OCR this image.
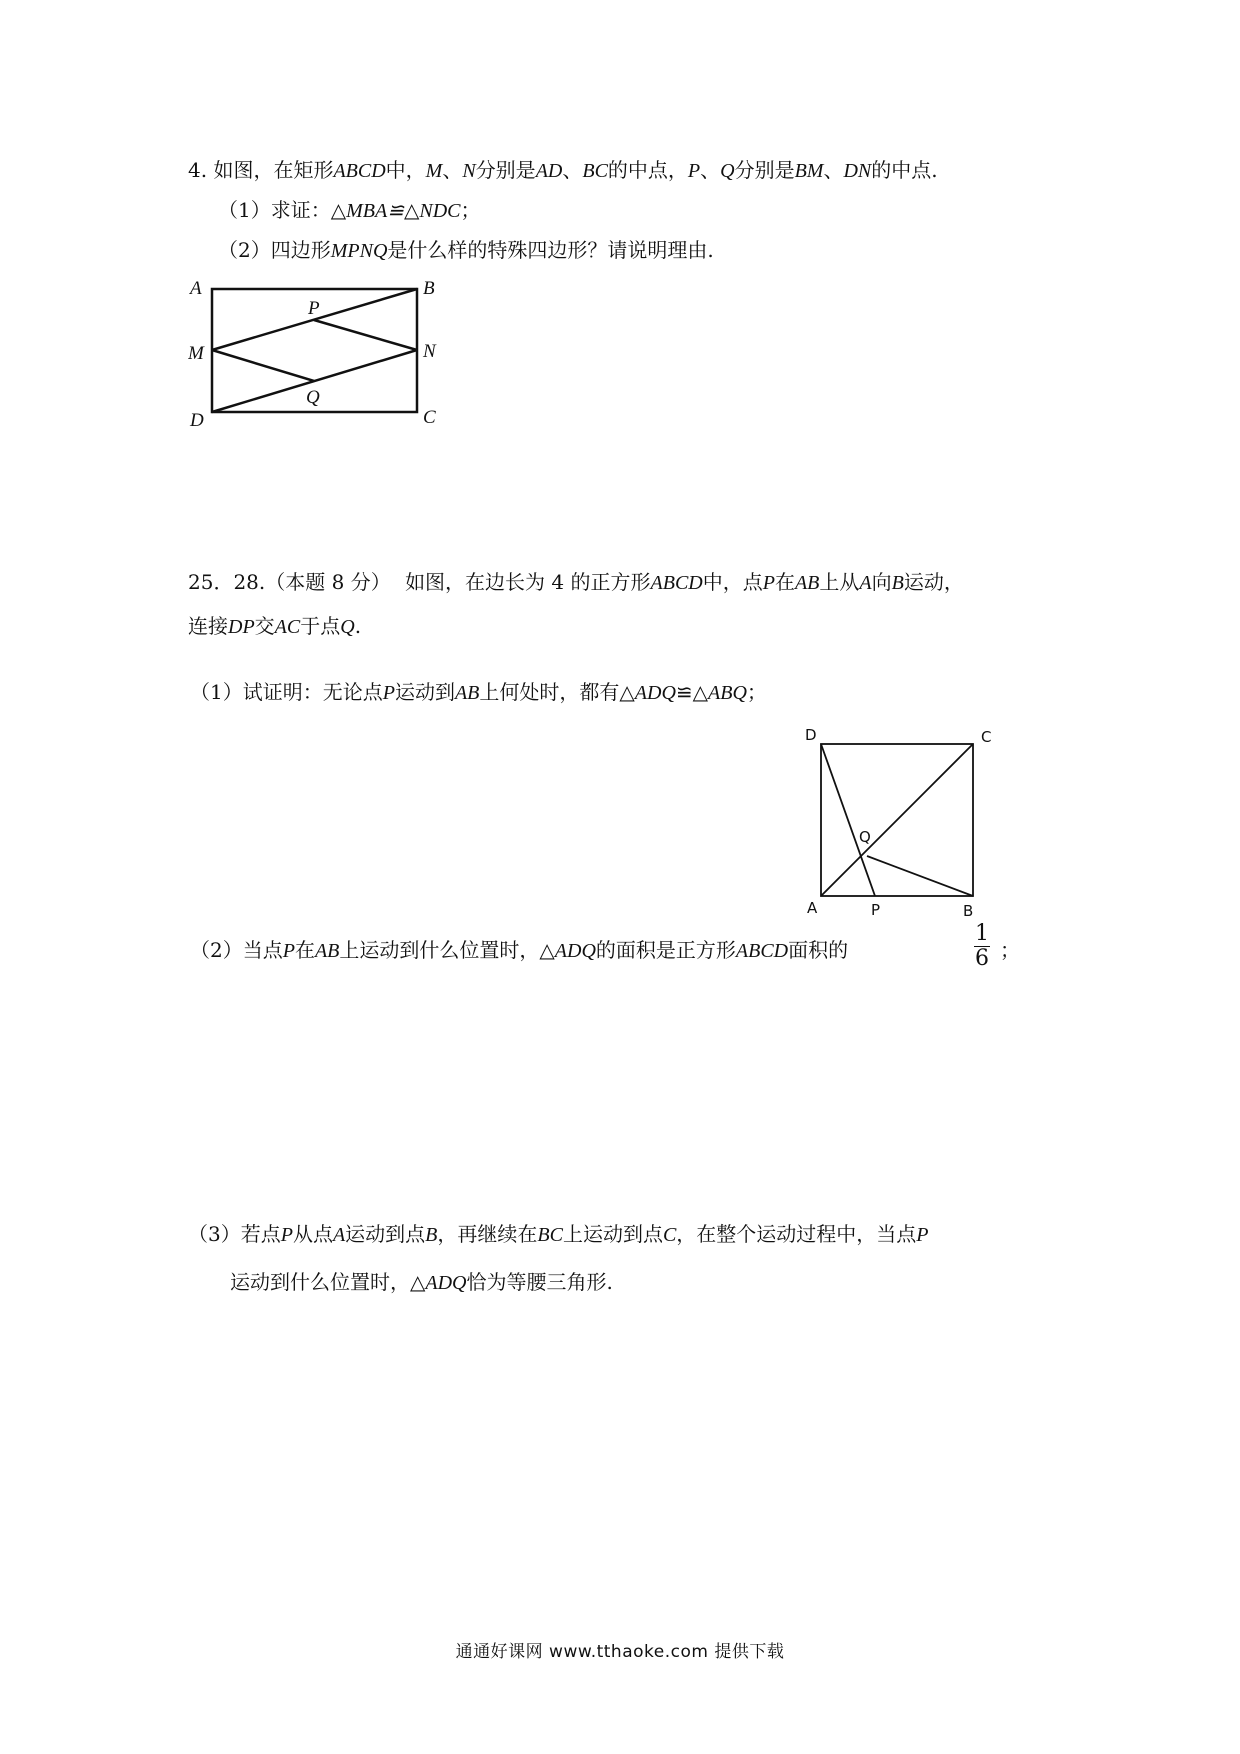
4. 如图，在矩形ABCD中，M、N分别是AD、BC的中点，P、Q分别是BM、DN的中点.
（1）求证：△MBA≌△NDC；
（2）四边形MPNQ是什么样的特殊四边形？请说明理由.
A	B
C
D
M	N
P
Q
25．28.（本题 8 分） 如图，在边长为 4 的正方形ABCD中，点P在AB上从A向B运动，
连接DP交AC于点Q.
（1）试证明：无论点P运动到AB上何处时，都有△ADQ≌△ABQ；
D	C
A	P	B
Q
（2）当点P在AB上运动到什么位置时，△ADQ的面积是正方形ABCD面积的	$\frac{1}{6}$ ；
（3）若点P从点A运动到点B，再继续在BC上运动到点C，在整个运动过程中，当点P
运动到什么位置时，△ADQ恰为等腰三角形.
通通好课网 www.tthaoke.com 提供下载
